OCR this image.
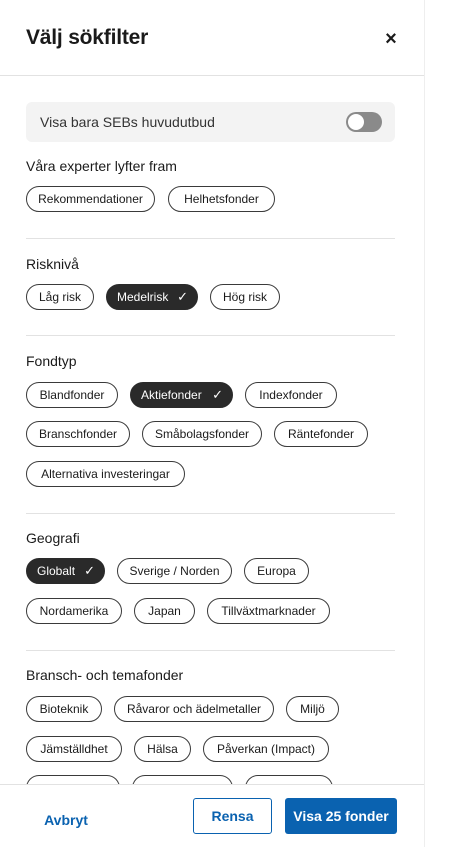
Välj sökfilter	×
Visa bara SEBs huvudutbud
Våra experter lyfter fram
Rekommendationer	Helhetsfonder
Risknivå
Låg risk	Medelrisk ✓	Hög risk
Fondtyp
Blandfonder	Aktiefonder ✓	Indexfonder
Branschfonder	Småbolagsfonder	Räntefonder
Alternativa investeringar
Geografi
Globalt ✓	Sverige / Norden	Europa
Nordamerika	Japan	Tillväxtmarknader
Bransch- och temafonder
Bioteknik	Råvaror och ädelmetaller	Miljö
Jämställdhet	Hälsa	Påverkan (Impact)
Avbryt	Rensa	Visa 25 fonder
